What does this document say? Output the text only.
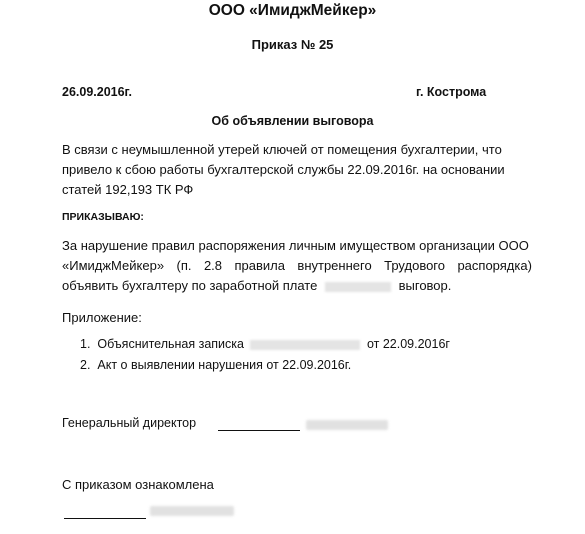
ООО «ИмиджМейкер»
Приказ № 25
26.09.2016г.	г. Кострома
Об объявлении выговора
В связи с неумышленной утерей ключей от помещения бухгалтерии, что
привело к сбою работы бухгалтерской службы 22.09.2016г. на основании
статей 192,193 ТК РФ
ПРИКАЗЫВАЮ:
За нарушение правил распоряжения личным имуществом организации ООО
«ИмиджМейкер» (п. 2.8 правила внутреннего Трудового распорядка)
объявить бухгалтеру по заработной плате	выговор.
Приложение:
1. Объяснительная записка	от 22.09.2016г
2. Акт о выявлении нарушения от 22.09.2016г.
Генеральный директор
С приказом ознакомлена
